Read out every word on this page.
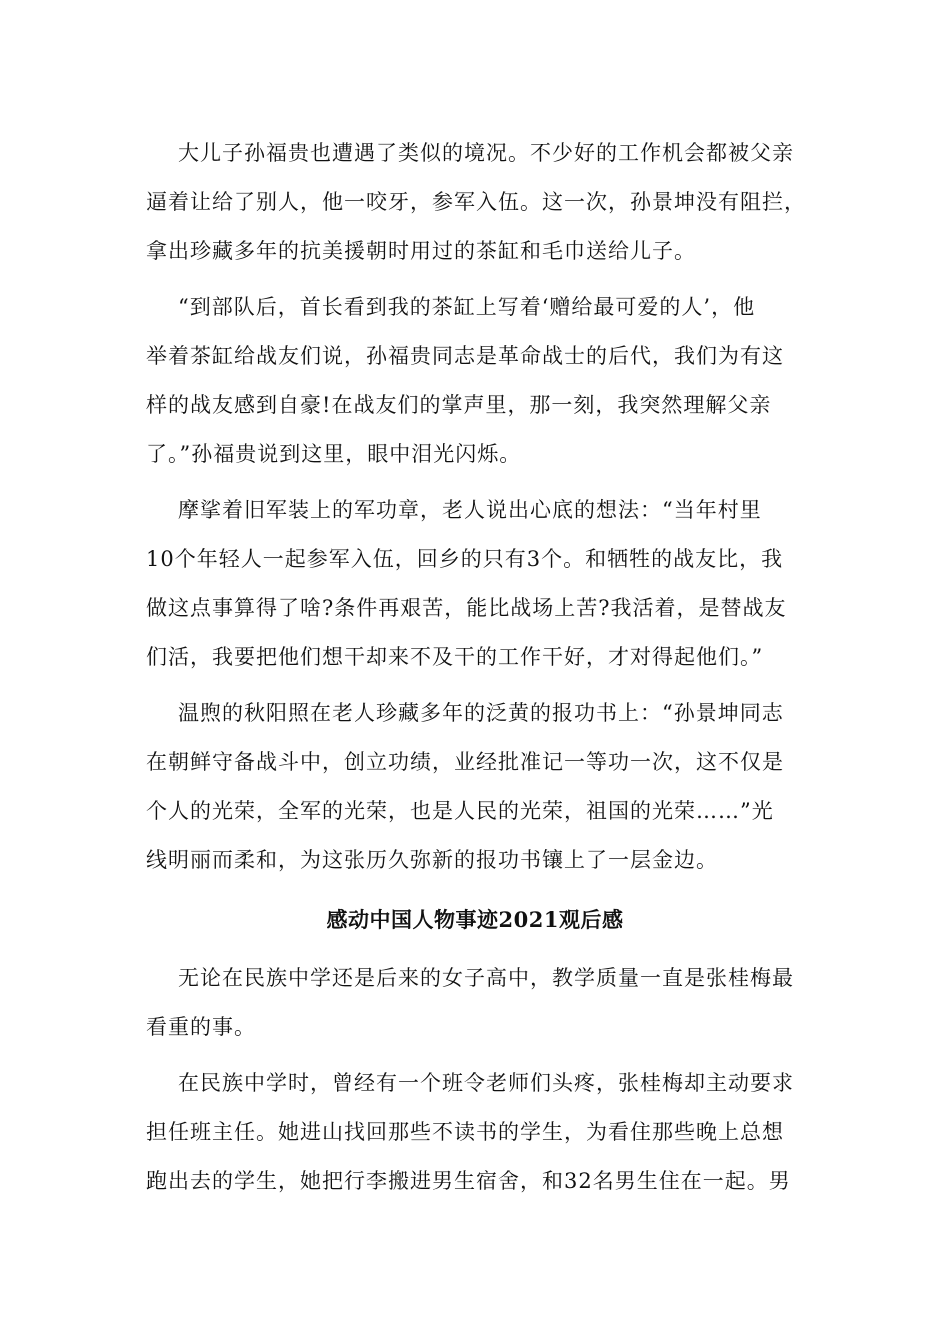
大儿子孙福贵也遭遇了类似的境况。不少好的工作机会都被父亲
逼着让给了别人，他一咬牙，参军入伍。这一次，孙景坤没有阻拦，
拿出珍藏多年的抗美援朝时用过的茶缸和毛巾送给儿子。
“到部队后，首长看到我的茶缸上写着‘赠给最可爱的人’，他
举着茶缸给战友们说，孙福贵同志是革命战士的后代，我们为有这
样的战友感到自豪!在战友们的掌声里，那一刻，我突然理解父亲
了。”孙福贵说到这里，眼中泪光闪烁。
摩挲着旧军装上的军功章，老人说出心底的想法：“当年村里
10个年轻人一起参军入伍，回乡的只有3个。和牺牲的战友比，我
做这点事算得了啥?条件再艰苦，能比战场上苦?我活着，是替战友
们活，我要把他们想干却来不及干的工作干好，才对得起他们。”
温煦的秋阳照在老人珍藏多年的泛黄的报功书上：“孙景坤同志
在朝鲜守备战斗中，创立功绩，业经批准记一等功一次，这不仅是
个人的光荣，全军的光荣，也是人民的光荣，祖国的光荣……”光
线明丽而柔和，为这张历久弥新的报功书镶上了一层金边。
感动中国人物事迹2021观后感
无论在民族中学还是后来的女子高中，教学质量一直是张桂梅最
看重的事。
在民族中学时，曾经有一个班令老师们头疼，张桂梅却主动要求
担任班主任。她进山找回那些不读书的学生，为看住那些晚上总想
跑出去的学生，她把行李搬进男生宿舍，和32名男生住在一起。男
